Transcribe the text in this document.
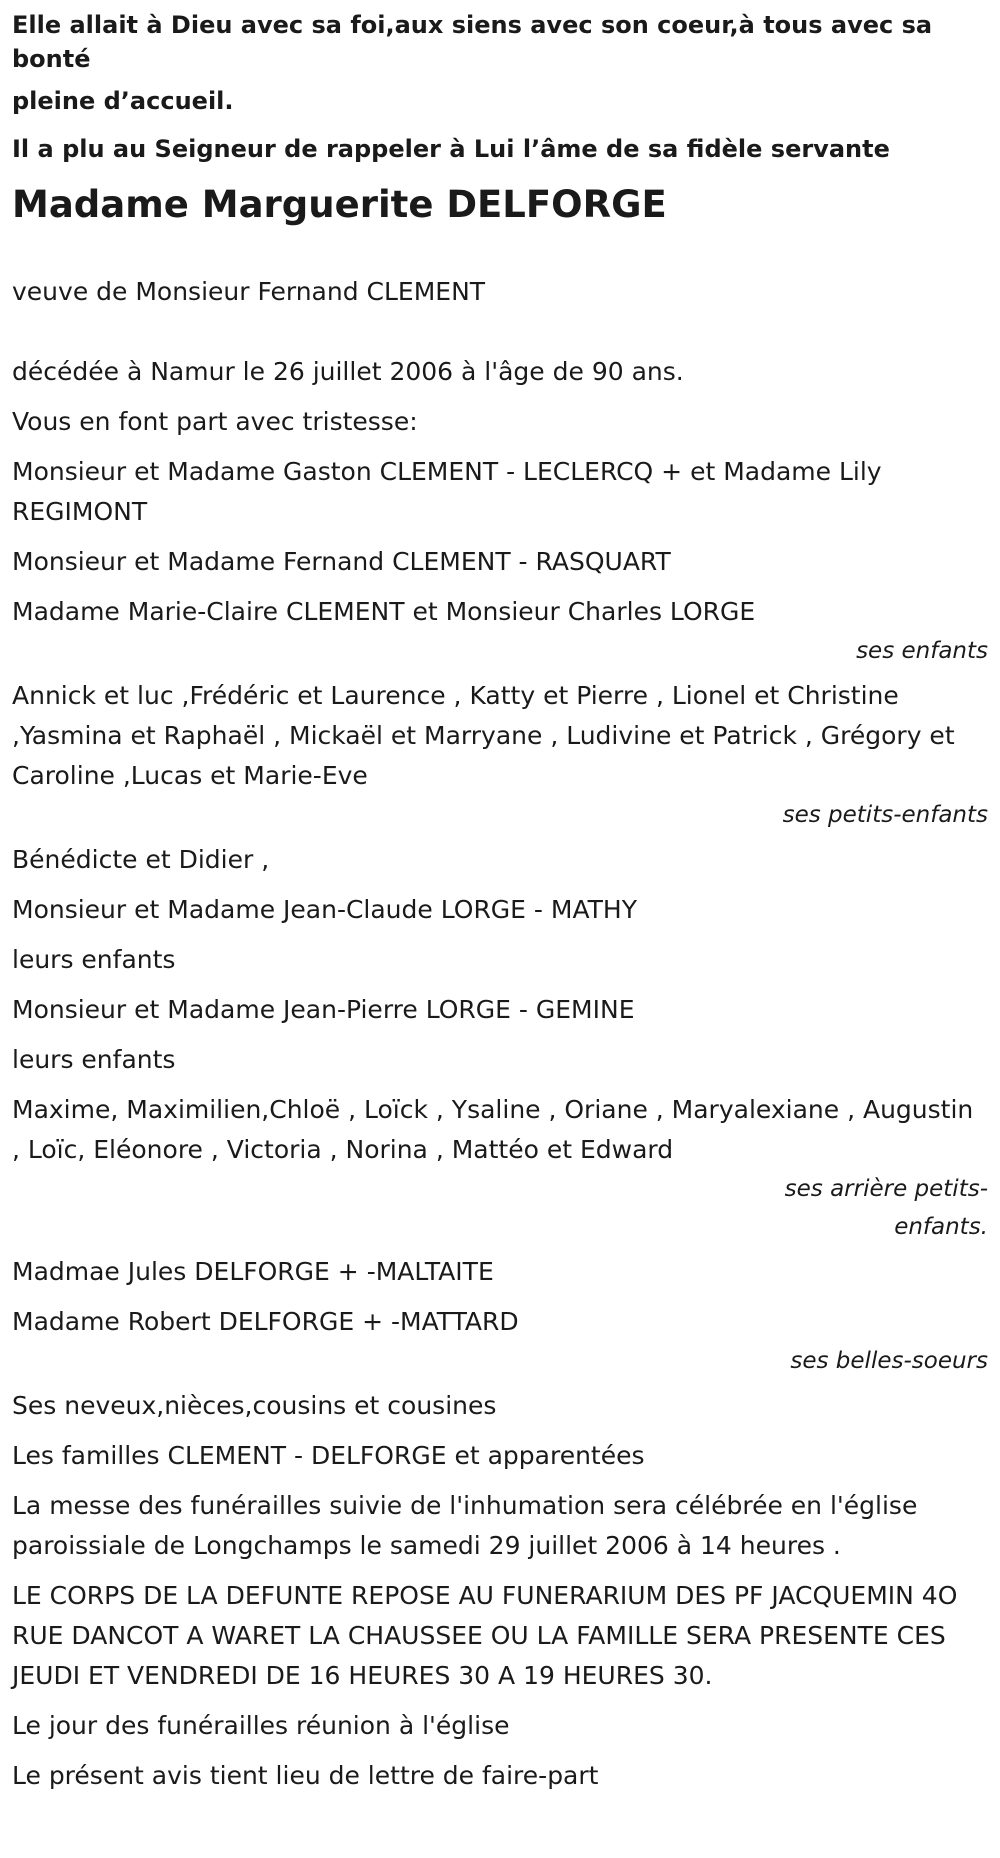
Elle allait à Dieu avec sa foi,aux siens avec son coeur,à tous avec sa bonté

pleine d’accueil.

Il a plu au Seigneur de rappeler à Lui l’âme de sa fidèle servante

Madame Marguerite DELFORGE

veuve de Monsieur Fernand CLEMENT

décédée à Namur le 26 juillet 2006 à l'âge de 90 ans.

Vous en font part avec tristesse:

Monsieur et Madame Gaston CLEMENT - LECLERCQ + et Madame Lily REGIMONT

Monsieur et Madame Fernand CLEMENT - RASQUART

Madame Marie-Claire CLEMENT et Monsieur Charles LORGE

ses enfants

Annick et luc ,Frédéric et Laurence , Katty et Pierre , Lionel et Christine ,Yasmina et Raphaël , Mickaël et Marryane , Ludivine et Patrick , Grégory et Caroline ,Lucas et Marie-Eve

ses petits-enfants

Bénédicte et Didier ,

Monsieur et Madame Jean-Claude LORGE - MATHY

leurs enfants

Monsieur et Madame Jean-Pierre LORGE - GEMINE

leurs enfants

Maxime, Maximilien,Chloë , Loïck , Ysaline , Oriane , Maryalexiane , Augustin , Loïc, Eléonore , Victoria , Norina , Mattéo et Edward

ses arrière petits-enfants.

Madmae Jules DELFORGE + -MALTAITE

Madame Robert DELFORGE + -MATTARD

ses belles-soeurs

Ses neveux,nièces,cousins et cousines

Les familles CLEMENT - DELFORGE et apparentées

La messe des funérailles suivie de l'inhumation sera célébrée en l'église paroissiale de Longchamps le samedi 29 juillet 2006 à 14 heures .

LE CORPS DE LA DEFUNTE REPOSE AU FUNERARIUM DES PF JACQUEMIN 4O RUE DANCOT A WARET LA CHAUSSEE OU LA FAMILLE SERA PRESENTE CES JEUDI ET VENDREDI DE 16 HEURES 30 A 19 HEURES 30.

Le jour des funérailles réunion à l'église

Le présent avis tient lieu de lettre de faire-part
